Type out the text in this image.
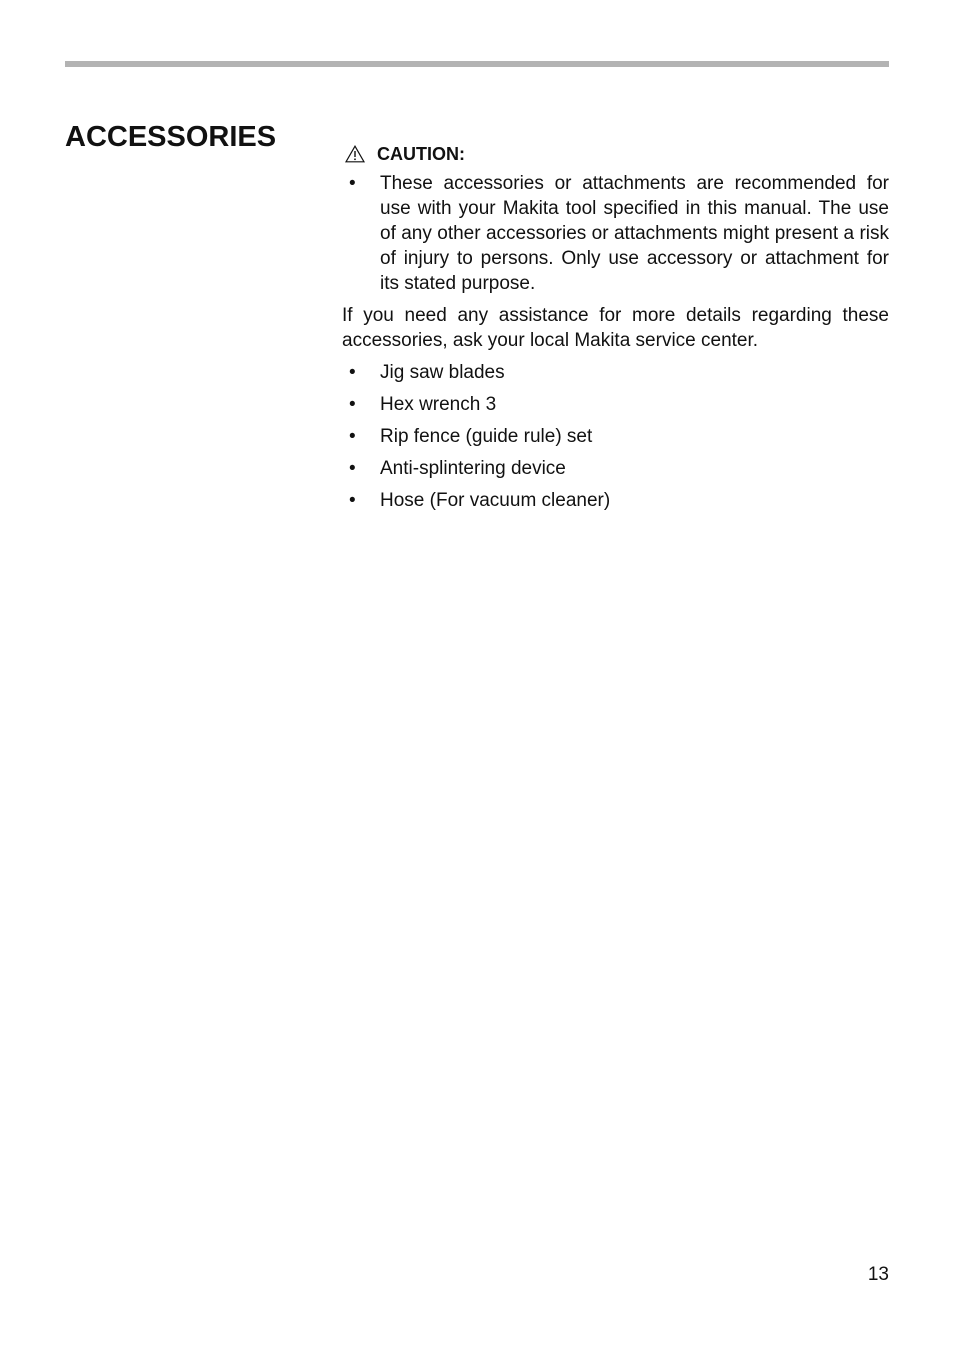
ACCESSORIES
CAUTION:
• These accessories or attachments are recommended for use with your Makita tool specified in this manual. The use of any other accessories or attachments might present a risk of injury to persons. Only use accessory or attachment for its stated purpose.

If you need any assistance for more details regarding these accessories, ask your local Makita service center.

• Jig saw blades
• Hex wrench 3
• Rip fence (guide rule) set
• Anti-splintering device
• Hose (For vacuum cleaner)
13
